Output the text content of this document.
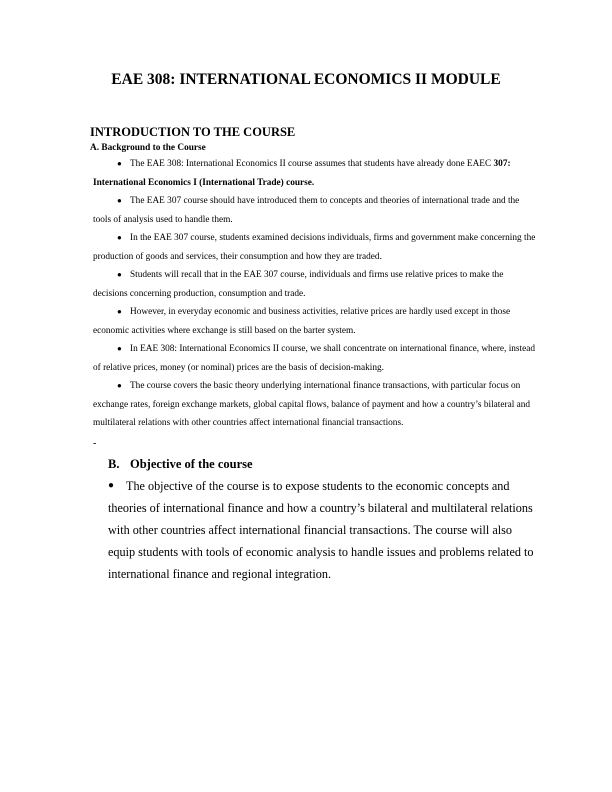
EAE 308: INTERNATIONAL ECONOMICS II MODULE
INTRODUCTION TO THE COURSE
A. Background to the Course

● The EAE 308: International Economics II course assumes that students have already done EAEC 307: International Economics I (International Trade) course.

● The EAE 307 course should have introduced them to concepts and theories of international trade and the tools of analysis used to handle them.

● In the EAE 307 course, students examined decisions individuals, firms and government make concerning the production of goods and services, their consumption and how they are traded.

● Students will recall that in the EAE 307 course, individuals and firms use relative prices to make the decisions concerning production, consumption and trade.

● However, in everyday economic and business activities, relative prices are hardly used except in those economic activities where exchange is still based on the barter system.

● In EAE 308: International Economics II course, we shall concentrate on international finance, where, instead of relative prices, money (or nominal) prices are the basis of decision-making.

● The course covers the basic theory underlying international finance transactions, with particular focus on exchange rates, foreign exchange markets, global capital flows, balance of payment and how a country’s bilateral and multilateral relations with other countries affect international financial transactions.

-
B. Objective of the course
● The objective of the course is to expose students to the economic concepts and theories of international finance and how a country’s bilateral and multilateral relations with other countries affect international financial transactions. The course will also equip students with tools of economic analysis to handle issues and problems related to international finance and regional integration.
